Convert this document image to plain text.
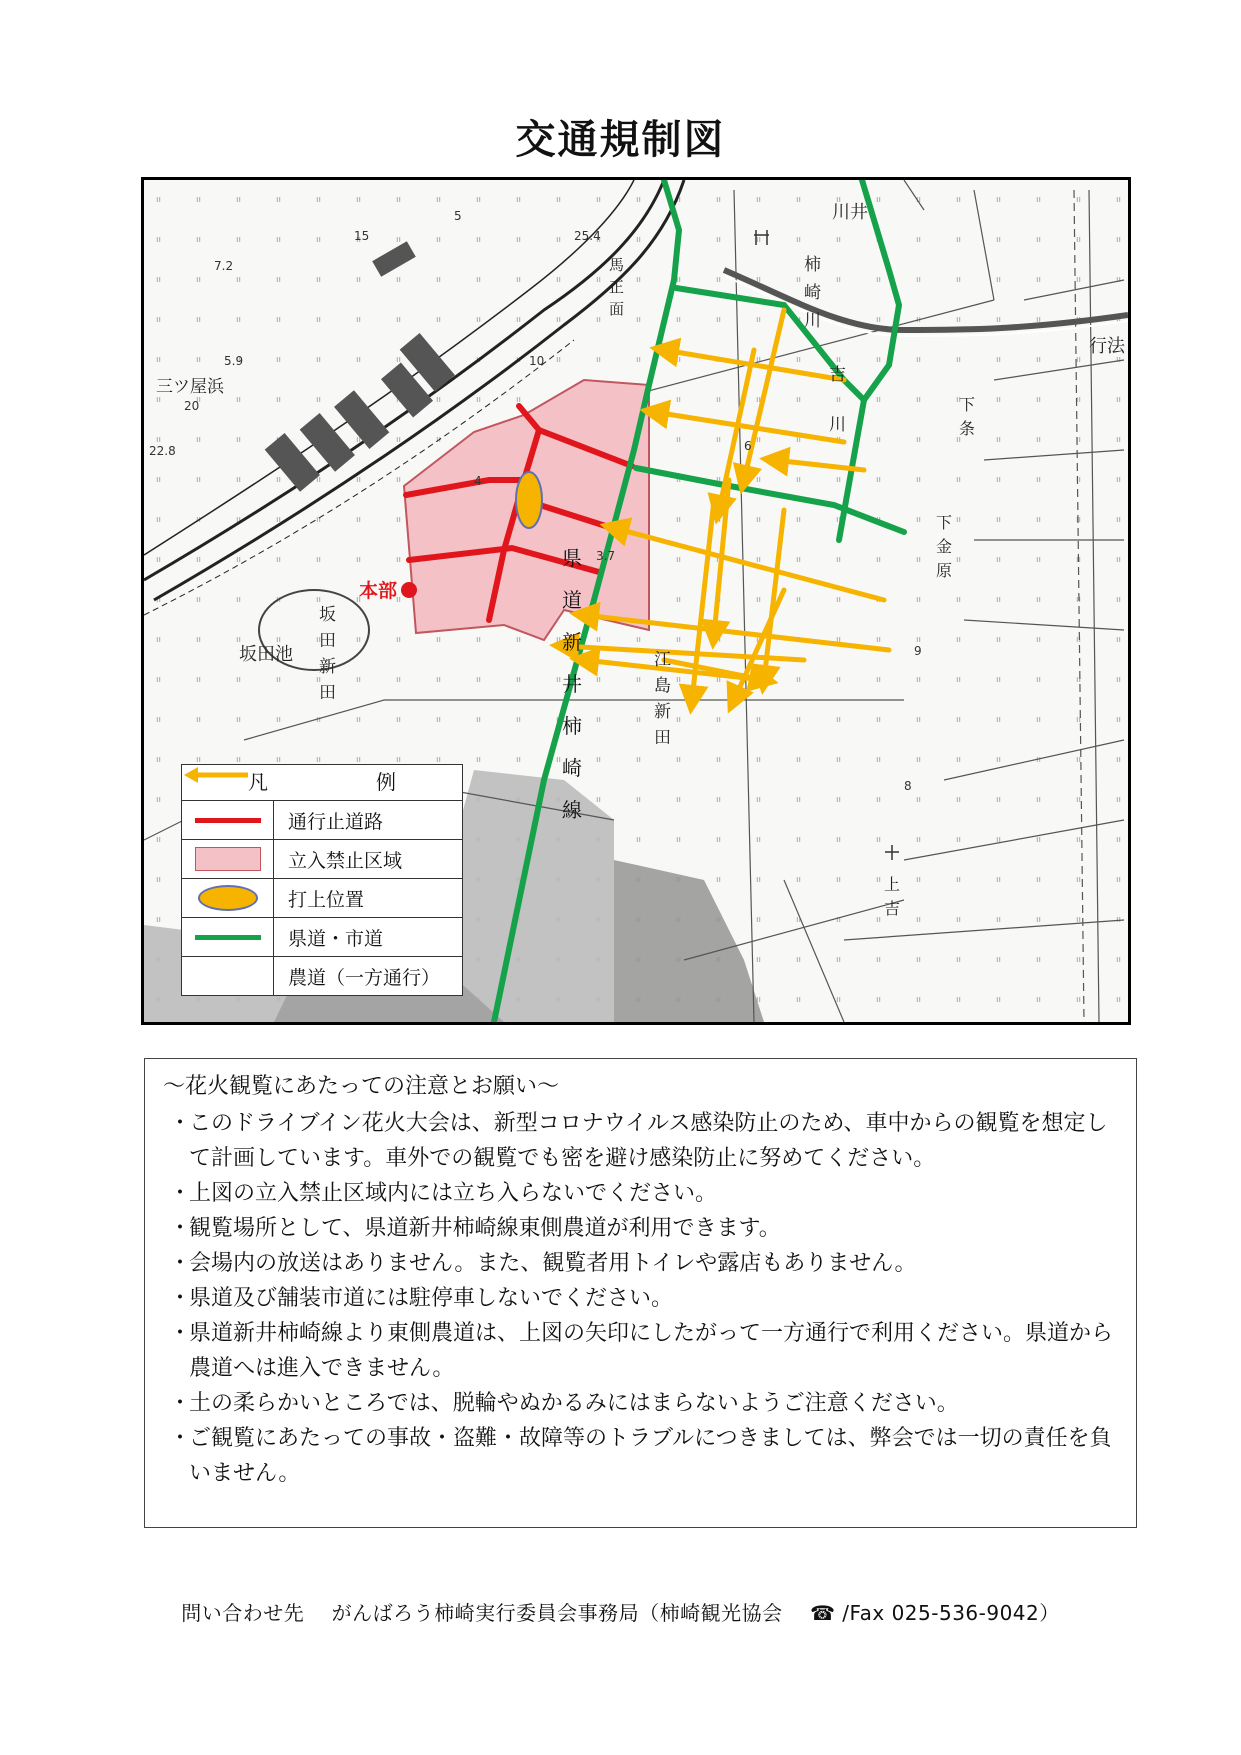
交通規制図
本部
坂田池
川井
三ツ屋浜
行法
県
道
新
井
柿
崎
線
坂
田
新
田
江
島
新
田
柿
崎
川
吉
川
下
条
下
金
原
上
吉
馬
正
面
5.9
20
22.8
7.2
5
25.4
10
6
3.7
4
15
9
8
凡　例
通行止道路
立入禁止区域
打上位置
県道・市道
農道（一方通行）
～花火観覧にあたっての注意とお願い～
・ このドライブイン花火大会は、新型コロナウイルス感染防止のため、車中からの観覧を想定して計画しています。車外での観覧でも密を避け感染防止に努めてください。
・ 上図の立入禁止区域内には立ち入らないでください。
・ 観覧場所として、県道新井柿崎線東側農道が利用できます。
・ 会場内の放送はありません。また、観覧者用トイレや露店もありません。
・ 県道及び舗装市道には駐停車しないでください。
・ 県道新井柿崎線より東側農道は、上図の矢印にしたがって一方通行で利用ください。県道から農道へは進入できません。
・ 土の柔らかいところでは、脱輪やぬかるみにはまらないようご注意ください。
・ ご観覧にあたっての事故・盗難・故障等のトラブルにつきましては、弊会では一切の責任を負いません。
問い合わせ先　 がんばろう柿崎実行委員会事務局（柿崎観光協会　 ☎ /Fax 025-536-9042）
